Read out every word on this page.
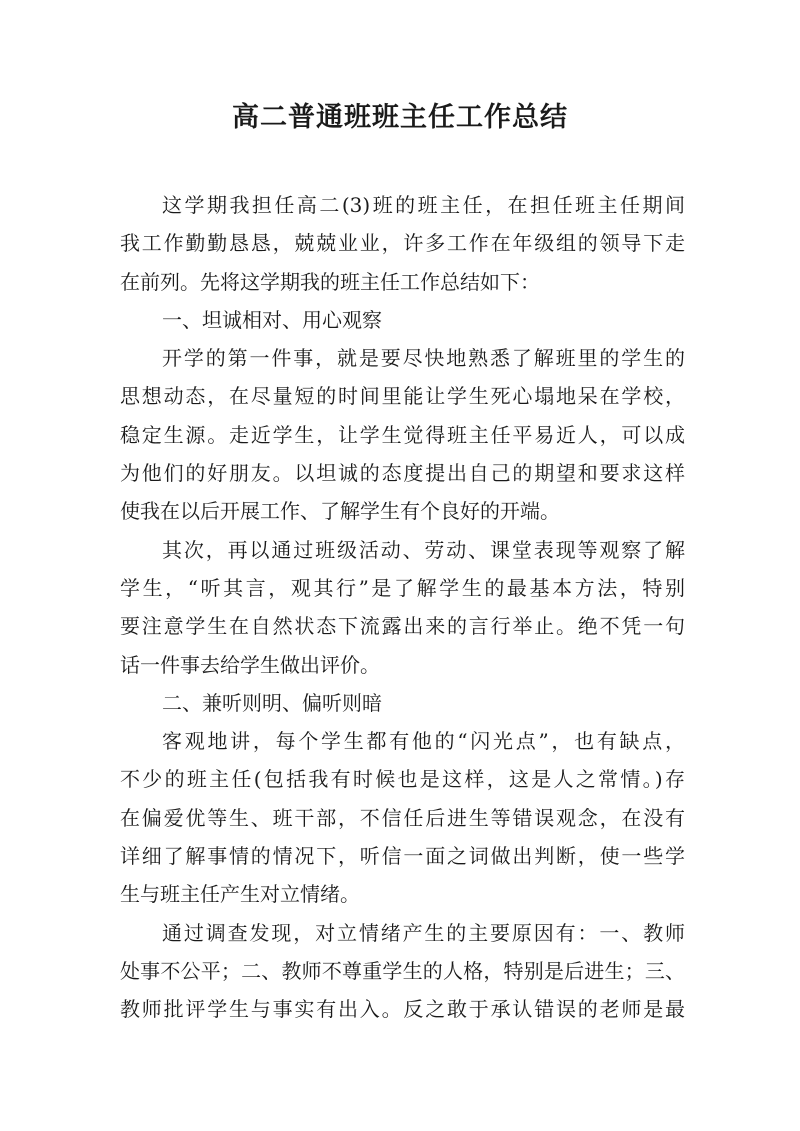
高二普通班班主任工作总结
这学期我担任高二(3)班的班主任，在担任班主任期间
我工作勤勤恳恳，兢兢业业，许多工作在年级组的领导下走
在前列。先将这学期我的班主任工作总结如下：
一、坦诚相对、用心观察
开学的第一件事，就是要尽快地熟悉了解班里的学生的
思想动态，在尽量短的时间里能让学生死心塌地呆在学校，
稳定生源。走近学生，让学生觉得班主任平易近人，可以成
为他们的好朋友。以坦诚的态度提出自己的期望和要求这样
使我在以后开展工作、了解学生有个良好的开端。
其次，再以通过班级活动、劳动、课堂表现等观察了解
学生，“听其言，观其行”是了解学生的最基本方法，特别
要注意学生在自然状态下流露出来的言行举止。绝不凭一句
话一件事去给学生做出评价。
二、兼听则明、偏听则暗
客观地讲，每个学生都有他的“闪光点”，也有缺点，
不少的班主任(包括我有时候也是这样，这是人之常情。)存
在偏爱优等生、班干部，不信任后进生等错误观念，在没有
详细了解事情的情况下，听信一面之词做出判断，使一些学
生与班主任产生对立情绪。
通过调查发现，对立情绪产生的主要原因有：一、教师
处事不公平；二、教师不尊重学生的人格，特别是后进生；三、
教师批评学生与事实有出入。反之敢于承认错误的老师是最
